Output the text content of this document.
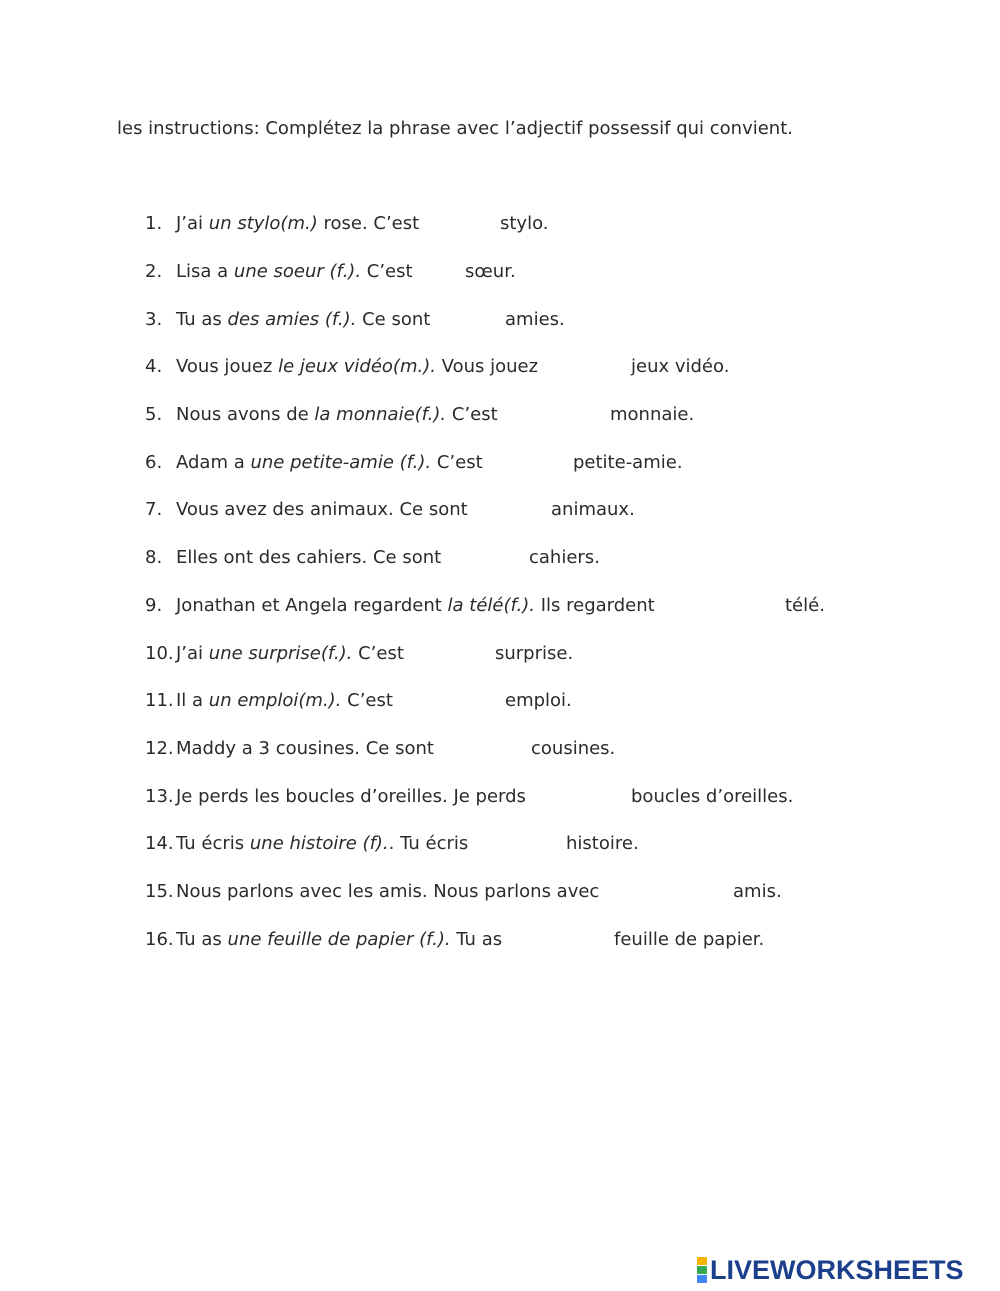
les instructions: Complétez la phrase avec l’adjectif possessif qui convient.
1. J’ai un stylo(m.) rose. C’est	stylo.
2. Lisa a une soeur (f.). C’est	sœur.
3. Tu as des amies (f.). Ce sont	amies.
4. Vous jouez le jeux vidéo(m.). Vous jouez	jeux vidéo.
5. Nous avons de la monnaie(f.). C’est	monnaie.
6. Adam a une petite-amie (f.). C’est	petite-amie.
7. Vous avez des animaux. Ce sont	animaux.
8. Elles ont des cahiers. Ce sont	cahiers.
9. Jonathan et Angela regardent la télé(f.). Ils regardent	télé.
10. J’ai une surprise(f.). C’est	surprise.
11. Il a un emploi(m.). C’est	emploi.
12. Maddy a 3 cousines. Ce sont	cousines.
13. Je perds les boucles d’oreilles. Je perds	boucles d’oreilles.
14. Tu écris une histoire (f).. Tu écris	histoire.
15. Nous parlons avec les amis. Nous parlons avec	amis.
16. Tu as une feuille de papier (f.). Tu as	feuille de papier.
LIVEWORKSHEETS
